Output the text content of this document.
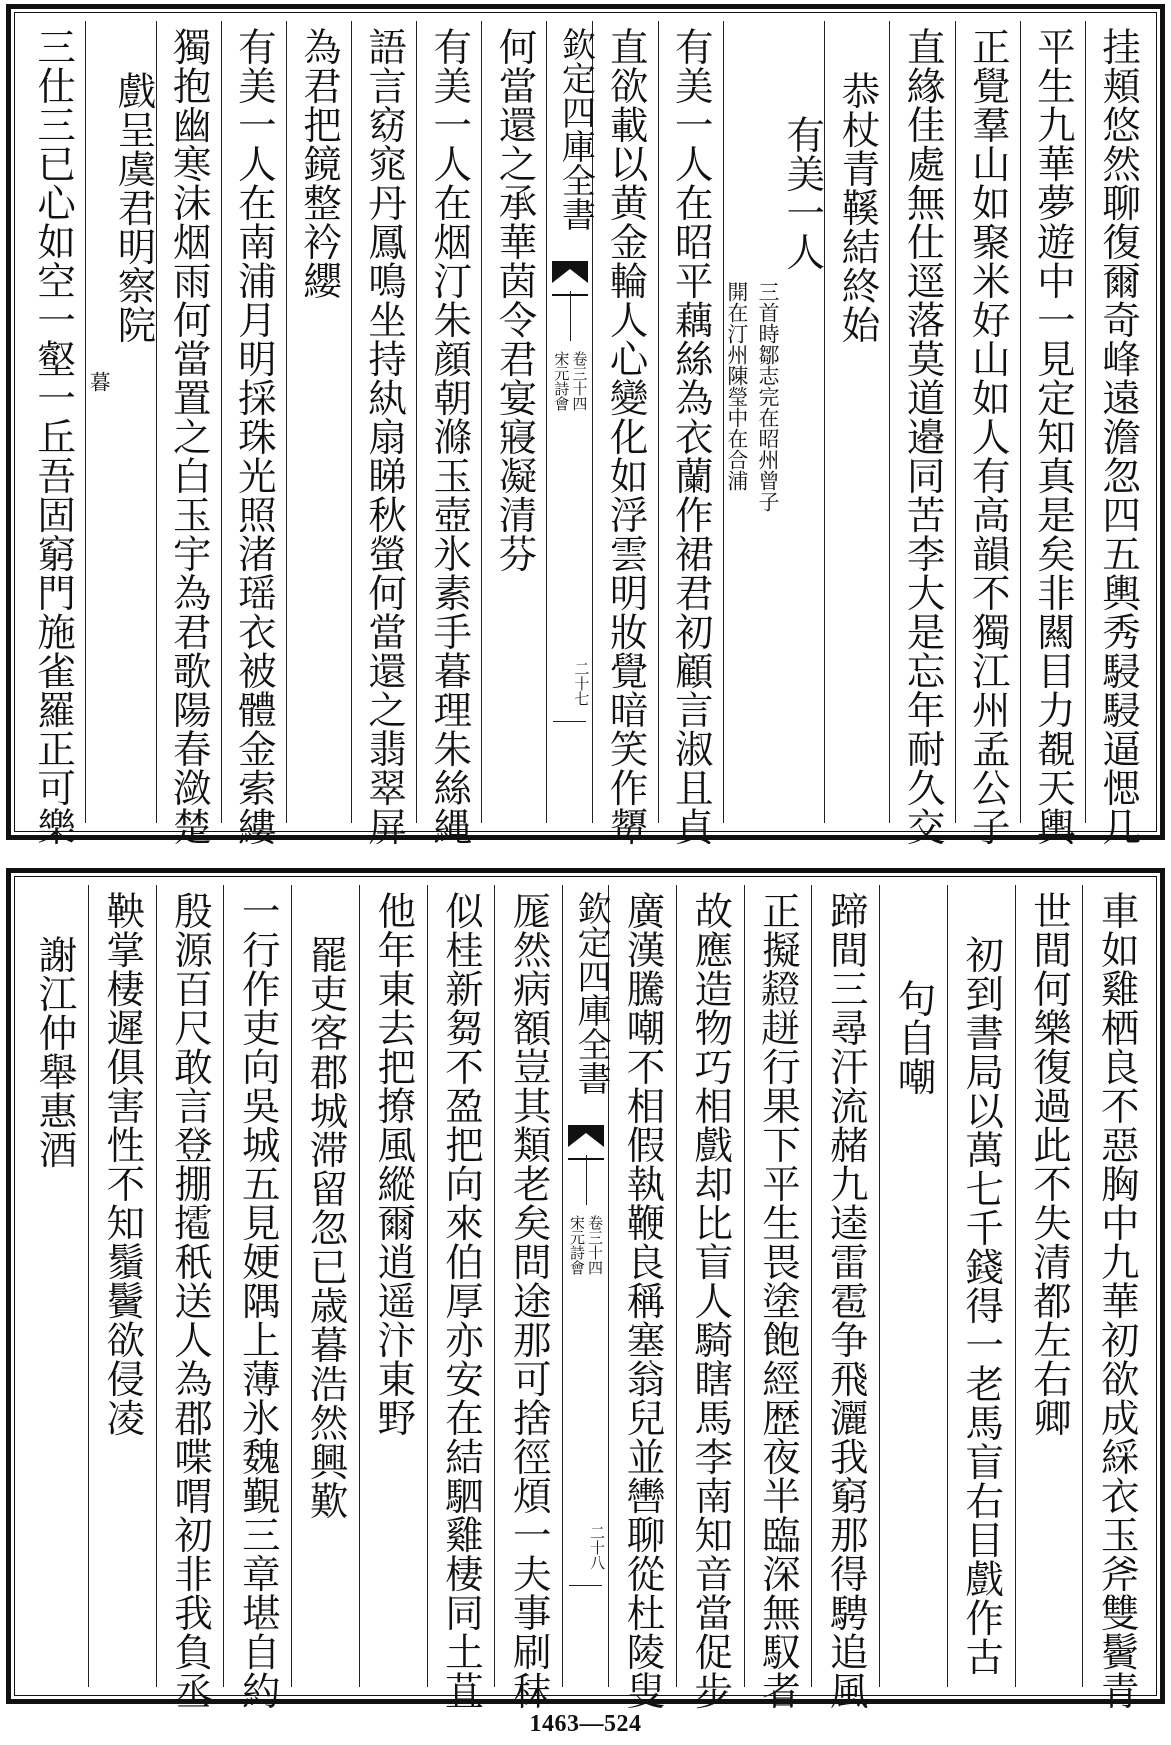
挂頬悠然聊復爾奇峰遠澹忽四五輿秀駸駸逼愢几
平生九華夢遊中一見定知真是矣非闗目力覩天輿
正覺羣山如聚米好山如人有高韻不獨江州孟公子
直緣佳處無仕逕落莫道邉同苦李大是忘年耐久交
恭杖青鞵結終始
有美一人
三首時鄒志完在昭州曾子
開在汀州陳瑩中在合浦
有美一人在昭平藕絲為衣蘭作裙君初顧言淑且貞
直欲載以黄金輪人心變化如浮雲明妝覺暗笑作顰
欽定四庫全書
宋元詩會 卷三十四
二十七
何當還之承華茵令君宴寢凝清芬
有美一人在烟汀朱顔朝滌玉壺氷素手暮理朱絲縄
語言窈窕丹鳳鳴坐持紈扇睇秋螢何當還之翡翠屏
為君把鏡整衿纓
有美一人在南浦月明採珠光照渚瑶衣被體金索縷
獨抱幽寒沫烟雨何當置之白玉宇為君歌陽春潋楚
戲呈虞君明察院
暮
三仕三已心如空一壑一丘吾固窮門施雀羅正可樂
車如雞栖良不惡胸中九華初欲成綵衣玉斧雙鬢青
世間何樂復過此不失清都左右卿
初到書局以萬七千錢得一老馬盲右目戲作古
句自嘲
蹄間三尋汗流赭九逵雷雹争飛灑我窮那得騁追風
正擬𧺄𧻓行果下平生畏塗飽經歴夜半臨深無馭者
故應造物巧相戲却比盲人騎瞎馬李南知音當促步
廣漢騰嘲不相假執鞭良稱塞翁兒並轡聊從杜陵叟
欽定四庫全書
宋元詩會 卷三十四
二十八
厖然病額豈其類老矣問途那可捨徑煩一夫事刷秣
似桂新芻不盈把向來伯厚亦安在結駟雞棲同土苴
他年東去把撩風縱爾逍遥汴東野
罷吏客郡城滞留忽已歳暮浩然興歎
一行作吏向吳城五見㛐隅上薄氷魏覲三章堪自約
殷源百尺敢言登掤𢶉秖送人為郡喋喟初非我負丞
鞅掌棲遲俱害性不知鬚鬢欲侵凌
謝江仲舉惠酒
1463—524
